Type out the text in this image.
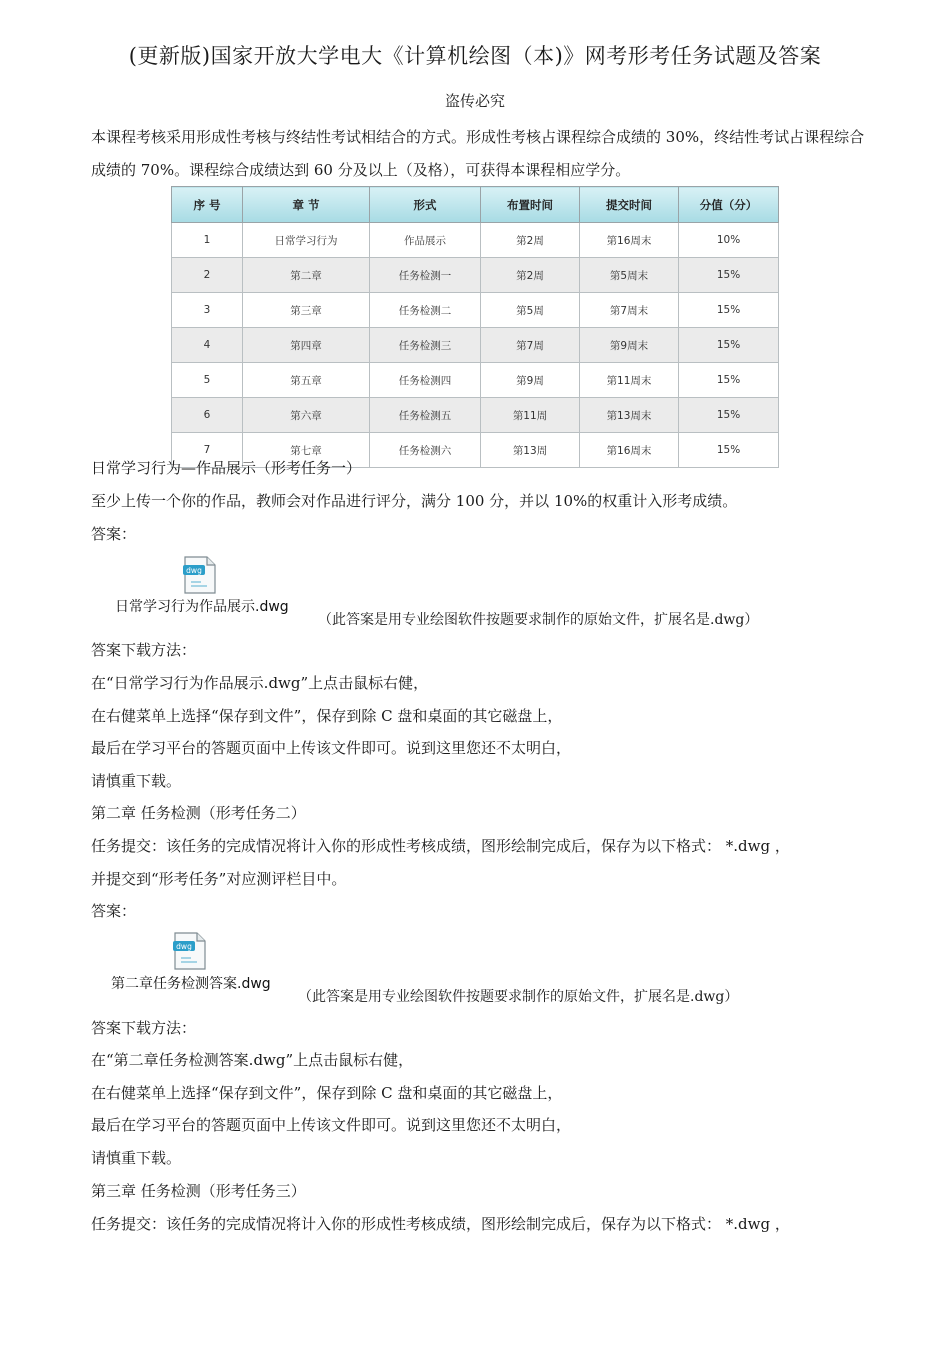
(更新版)国家开放大学电大《计算机绘图（本)》网考形考任务试题及答案
盗传必究
本课程考核采用形成性考核与终结性考试相结合的方式。形成性考核占课程综合成绩的 30%，终结性考试占课程综合成绩的 70%。课程综合成绩达到 60 分及以上（及格），可获得本课程相应学分。
序 号	章 节	形式	布置时间	提交时间	分值（分）
1	日常学习行为	作品展示	第2周	第16周末	10%
2	第二章	任务检测一	第2周	第5周末	15%
3	第三章	任务检测二	第5周	第7周末	15%
4	第四章	任务检测三	第7周	第9周末	15%
5	第五章	任务检测四	第9周	第11周末	15%
6	第六章	任务检测五	第11周	第13周末	15%
7	第七章	任务检测六	第13周	第16周末	15%
日常学习行为—作品展示（形考任务一）
至少上传一个你的作品，教师会对作品进行评分，满分 100 分，并以 10%的权重计入形考成绩。
答案：
dwg
日常学习行为作品展示.dwg
（此答案是用专业绘图软件按题要求制作的原始文件，扩展名是.dwg）
答案下载方法：
在“日常学习行为作品展示.dwg”上点击鼠标右健，
在右健菜单上选择“保存到文件”，保存到除 C 盘和桌面的其它磁盘上，
最后在学习平台的答题页面中上传该文件即可。说到这里您还不太明白，
请慎重下载。
第二章 任务检测（形考任务二）
任务提交：该任务的完成情况将计入你的形成性考核成绩，图形绘制完成后，保存为以下格式： *.dwg ，
并提交到“形考任务”对应测评栏目中。
答案：
dwg
第二章任务检测答案.dwg
（此答案是用专业绘图软件按题要求制作的原始文件，扩展名是.dwg）
答案下载方法：
在“第二章任务检测答案.dwg”上点击鼠标右健，
在右健菜单上选择“保存到文件”，保存到除 C 盘和桌面的其它磁盘上，
最后在学习平台的答题页面中上传该文件即可。说到这里您还不太明白，
请慎重下载。
第三章 任务检测（形考任务三）
任务提交：该任务的完成情况将计入你的形成性考核成绩，图形绘制完成后，保存为以下格式： *.dwg ，
